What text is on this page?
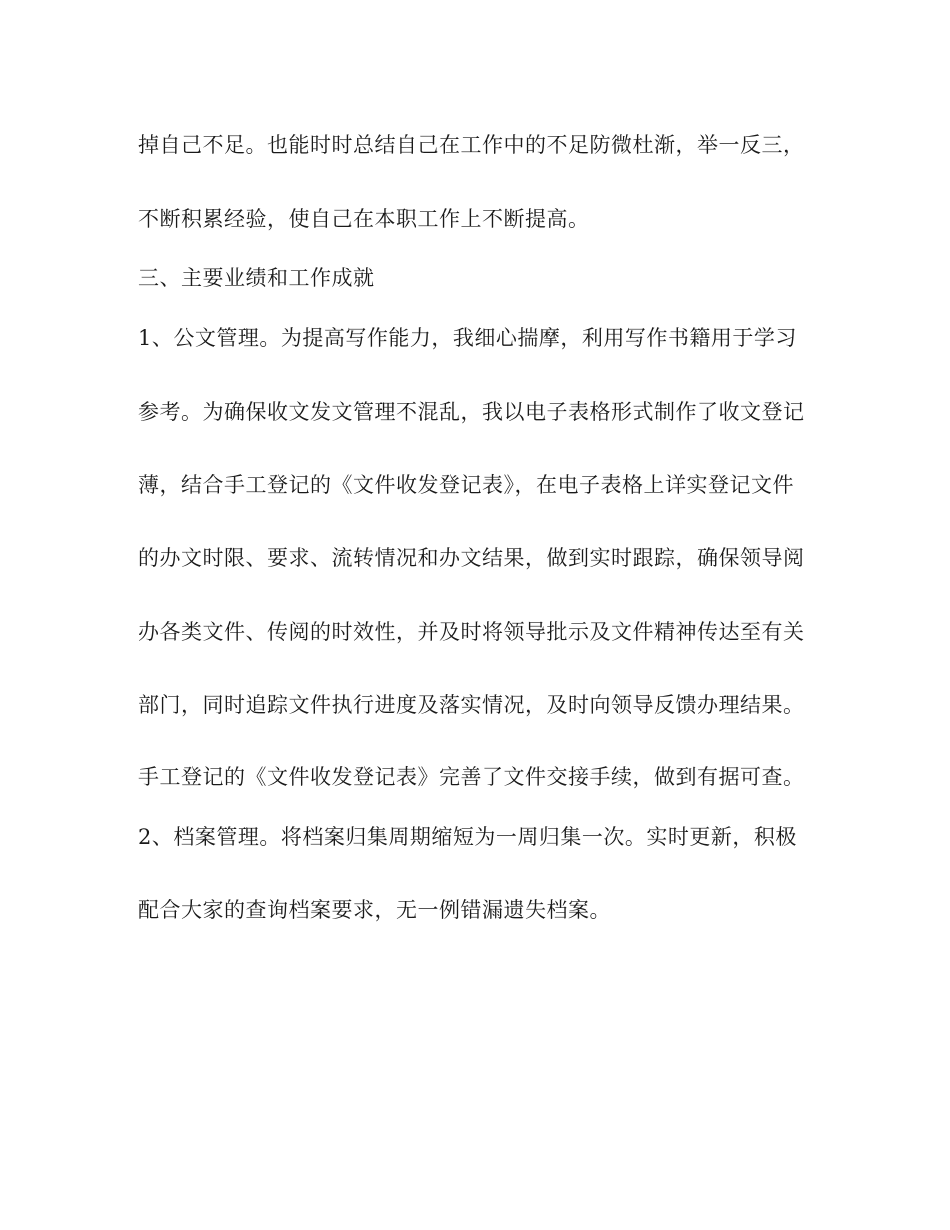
掉自己不足。也能时时总结自己在工作中的不足防微杜渐，举一反三，
不断积累经验，使自己在本职工作上不断提高。
三、主要业绩和工作成就
1、公文管理。为提高写作能力，我细心揣摩，利用写作书籍用于学习
参考。为确保收文发文管理不混乱，我以电子表格形式制作了收文登记
薄，结合手工登记的《文件收发登记表》，在电子表格上详实登记文件
的办文时限、要求、流转情况和办文结果，做到实时跟踪，确保领导阅
办各类文件、传阅的时效性，并及时将领导批示及文件精神传达至有关
部门，同时追踪文件执行进度及落实情况，及时向领导反馈办理结果。
手工登记的《文件收发登记表》完善了文件交接手续，做到有据可查。
2、档案管理。将档案归集周期缩短为一周归集一次。实时更新，积极
配合大家的查询档案要求，无一例错漏遗失档案。
